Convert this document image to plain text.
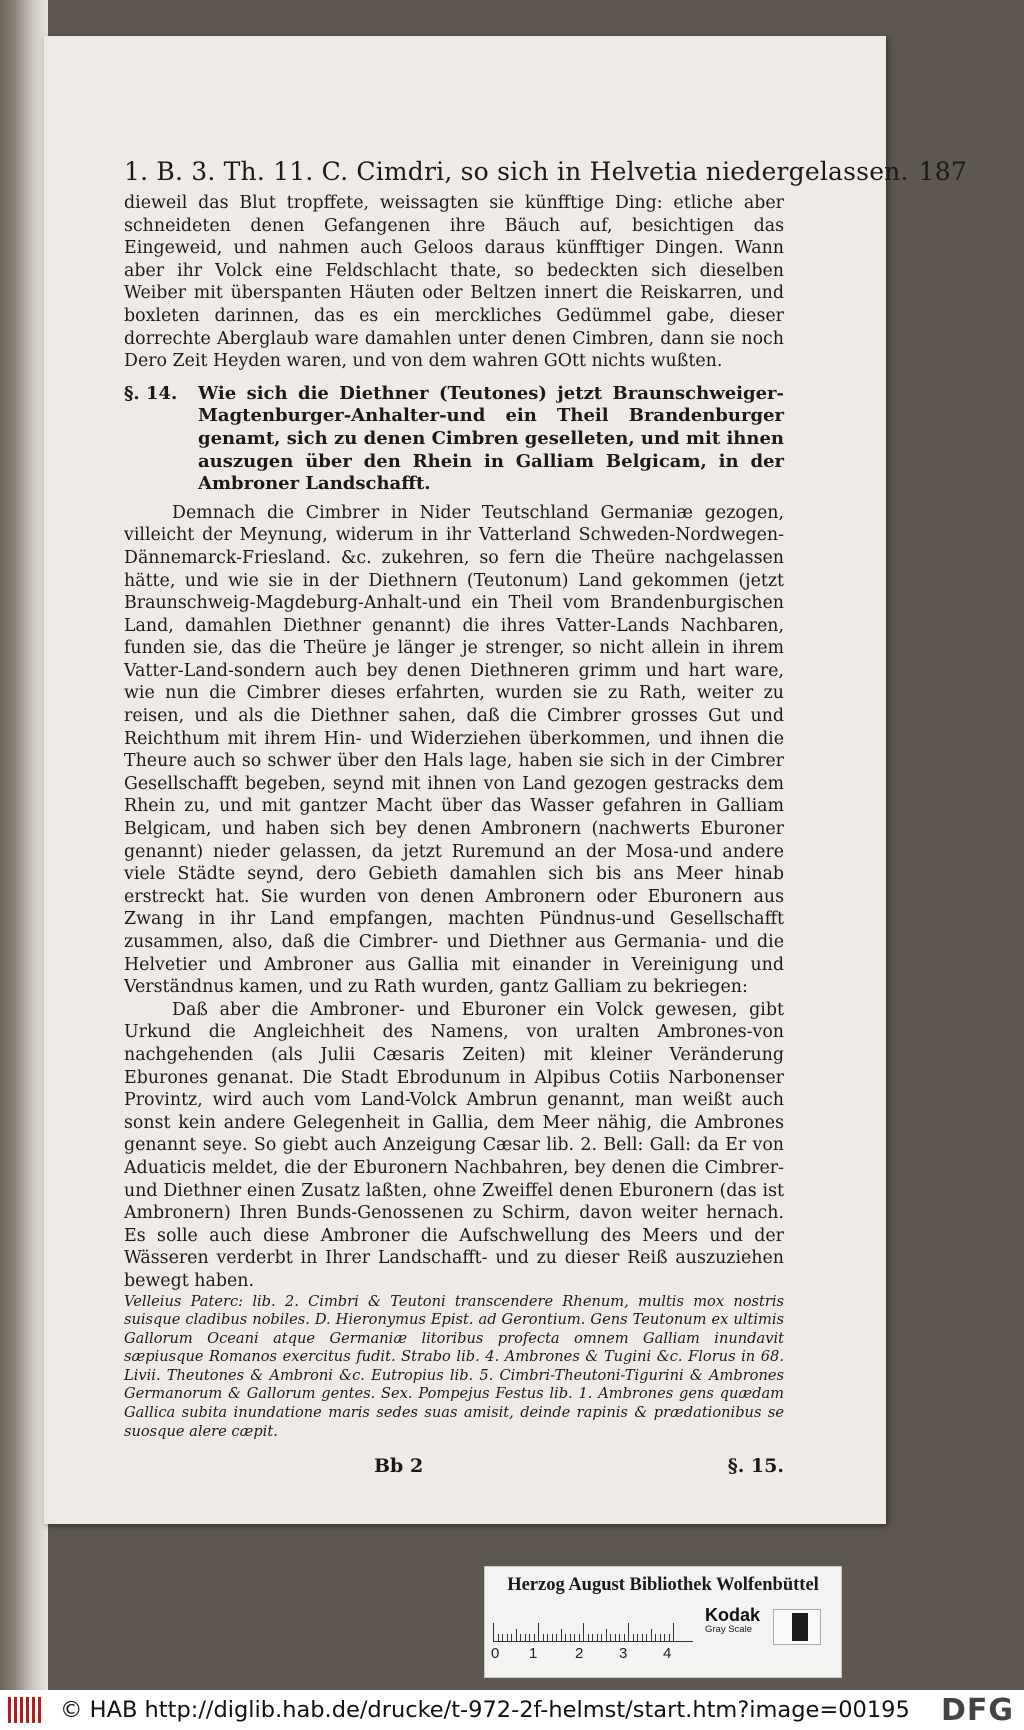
1. B. 3. Th. 11. C. Cimdri, so sich in Helvetia niedergelassen. 187

dieweil das Blut tropffete, weissagten sie künfftige Ding: etliche aber schneideten denen Gefangenen ihre Bäuch auf, besichtigen das Eingeweid, und nahmen auch Geloos daraus künfftiger Dingen. Wann aber ihr Volck eine Feldschlacht thate, so bedeckten sich dieselben Weiber mit überspanten Häuten oder Beltzen innert die Reiskarren, und boxleten darinnen, das es ein merckliches Gedümmel gabe, dieser dorrechte Aberglaub ware damahlen unter denen Cimbren, dann sie noch Dero Zeit Heyden waren, und von dem wahren GOtt nichts wußten.

§. 14.	Wie sich die Diethner (Teutones) jetzt Braunschweiger-Magtenburger-Anhalter-und ein Theil Brandenburger genamt, sich zu denen Cimbren geselleten, und mit ihnen auszugen über den Rhein in Galliam Belgicam, in der Ambroner Landschafft.

Demnach die Cimbrer in Nider Teutschland Germaniæ gezogen, villeicht der Meynung, widerum in ihr Vatterland Schweden-Nordwegen-Dännemarck-Friesland. &c. zukehren, so fern die Theüre nachgelassen hätte, und wie sie in der Diethnern (Teutonum) Land gekommen (jetzt Braunschweig-Magdeburg-Anhalt-und ein Theil vom Brandenburgischen Land, damahlen Diethner genannt) die ihres Vatter-Lands Nachbaren, funden sie, das die Theüre je länger je strenger, so nicht allein in ihrem Vatter-Land-sondern auch bey denen Diethneren grimm und hart ware, wie nun die Cimbrer dieses erfahrten, wurden sie zu Rath, weiter zu reisen, und als die Diethner sahen, daß die Cimbrer grosses Gut und Reichthum mit ihrem Hin- und Widerziehen überkommen, und ihnen die Theure auch so schwer über den Hals lage, haben sie sich in der Cimbrer Gesellschafft begeben, seynd mit ihnen von Land gezogen gestracks dem Rhein zu, und mit gantzer Macht über das Wasser gefahren in Galliam Belgicam, und haben sich bey denen Ambronern (nachwerts Eburoner genannt) nieder gelassen, da jetzt Ruremund an der Mosa-und andere viele Städte seynd, dero Gebieth damahlen sich bis ans Meer hinab erstreckt hat. Sie wurden von denen Ambronern oder Eburonern aus Zwang in ihr Land empfangen, machten Pündnus-und Gesellschafft zusammen, also, daß die Cimbrer- und Diethner aus Germania- und die Helvetier und Ambroner aus Gallia mit einander in Vereinigung und Verständnus kamen, und zu Rath wurden, gantz Galliam zu bekriegen:

Daß aber die Ambroner- und Eburoner ein Volck gewesen, gibt Urkund die Angleichheit des Namens, von uralten Ambrones-von nachgehenden (als Julii Cæsaris Zeiten) mit kleiner Veränderung Eburones genanat. Die Stadt Ebrodunum in Alpibus Cotiis Narbonenser Provintz, wird auch vom Land-Volck Ambrun genannt, man weißt auch sonst kein andere Gelegenheit in Gallia, dem Meer nähig, die Ambrones genannt seye. So giebt auch Anzeigung Cæsar lib. 2. Bell: Gall: da Er von Aduaticis meldet, die der Eburonern Nachbahren, bey denen die Cimbrer- und Diethner einen Zusatz laßten, ohne Zweiffel denen Eburonern (das ist Ambronern) Ihren Bunds-Genossenen zu Schirm, davon weiter hernach. Es solle auch diese Ambroner die Aufschwellung des Meers und der Wässeren verderbt in Ihrer Landschafft- und zu dieser Reiß auszuziehen bewegt haben.

Velleius Paterc: lib. 2. Cimbri & Teutoni transcendere Rhenum, multis mox nostris suisque cladibus nobiles. D. Hieronymus Epist. ad Gerontium. Gens Teutonum ex ultimis Gallorum Oceani atque Germaniæ litoribus profecta omnem Galliam inundavit sæpiusque Romanos exercitus fudit. Strabo lib. 4. Ambrones & Tugini &c. Florus in 68. Livii. Theutones & Ambroni &c. Eutropius lib. 5. Cimbri-Theutoni-Tigurini & Ambrones Germanorum & Gallorum gentes. Sex. Pompejus Festus lib. 1. Ambrones gens quædam Gallica subita inundatione maris sedes suas amisit, deinde rapinis & prædationibus se suosque alere cæpit.

Bb 2	§. 15.
Herzog August Bibliothek Wolfenbüttel
0 1	2 3 4
Kodak
Gray Scale
© HAB http://diglib.hab.de/drucke/t-972-2f-helmst/start.htm?image=00195 DFG
